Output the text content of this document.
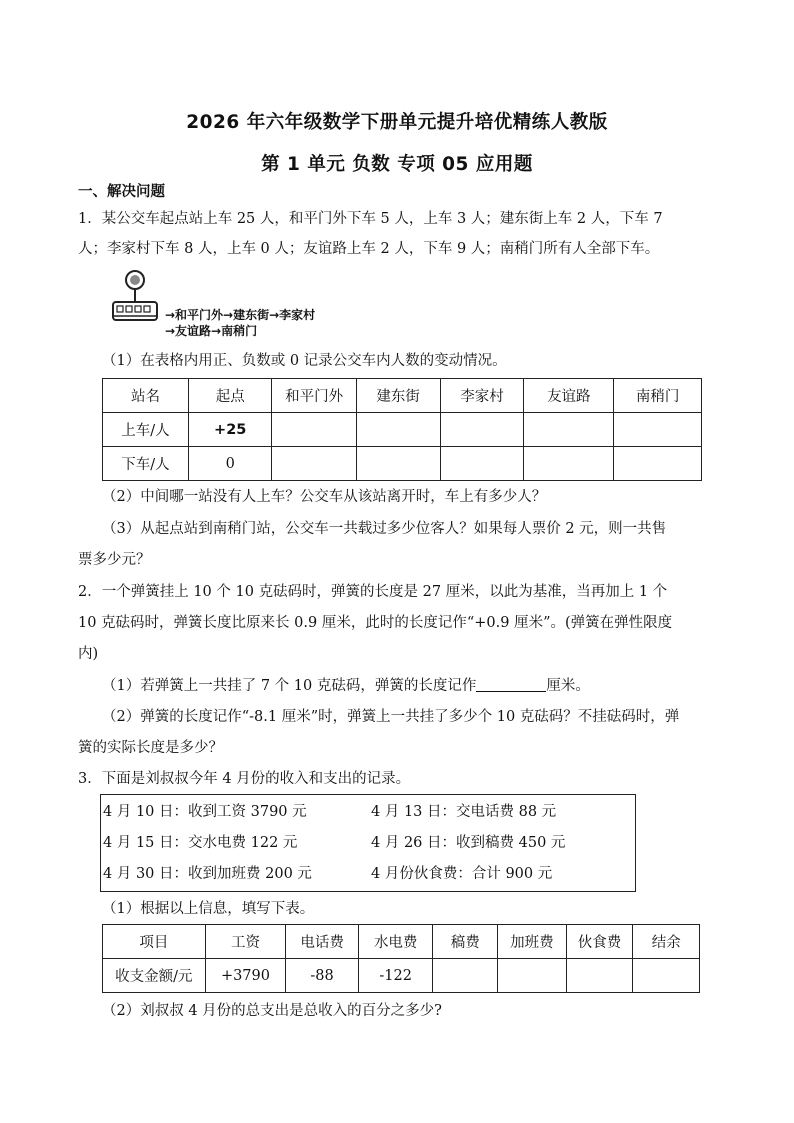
2026 年六年级数学下册单元提升培优精练人教版
第 1 单元 负数 专项 05 应用题
一、解决问题
1．某公交车起点站上车 25 人，和平门外下车 5 人，上车 3 人；建东街上车 2 人，下车 7
人；李家村下车 8 人，上车 0 人；友谊路上车 2 人，下车 9 人；南稍门所有人全部下车。
→和平门外→建东街→李家村
→友谊路→南稍门
（1）在表格内用正、负数或 0 记录公交车内人数的变动情况。
站名	起点	和平门外	建东街	李家村	友谊路	南稍门
上车/人	+25					
下车/人	0					
（2）中间哪一站没有人上车？公交车从该站离开时，车上有多少人？
（3）从起点站到南稍门站，公交车一共载过多少位客人？如果每人票价 2 元，则一共售
票多少元？
2．一个弹簧挂上 10 个 10 克砝码时，弹簧的长度是 27 厘米，以此为基准，当再加上 1 个
10 克砝码时，弹簧长度比原来长 0.9 厘米，此时的长度记作“+0.9 厘米”。(弹簧在弹性限度
内)
（1）若弹簧上一共挂了 7 个 10 克砝码，弹簧的长度记作	厘米。
（2）弹簧的长度记作“-8.1 厘米”时，弹簧上一共挂了多少个 10 克砝码？不挂砝码时，弹
簧的实际长度是多少？
3．下面是刘叔叔今年 4 月份的收入和支出的记录。
4 月 10 日：收到工资 3790 元	4 月 13 日：交电话费 88 元
4 月 15 日：交水电费 122 元	4 月 26 日：收到稿费 450 元
4 月 30 日：收到加班费 200 元	4 月份伙食费：合计 900 元
（1）根据以上信息，填写下表。
项目	工资	电话费	水电费	稿费	加班费	伙食费	结余
收支金额/元	+3790	-88	-122				
（2）刘叔叔 4 月份的总支出是总收入的百分之多少?
